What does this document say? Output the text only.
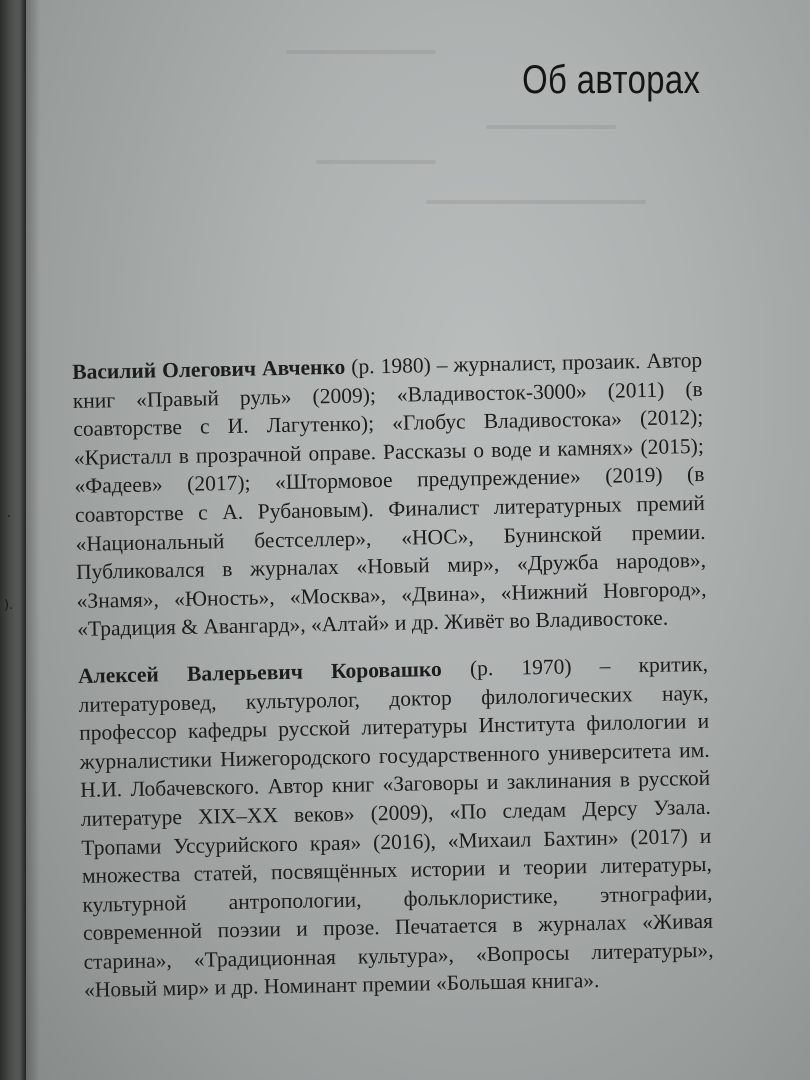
).
Об авторах

Василий Олегович Авченко (р. 1980) – журналист, прозаик. Автор книг «Правый руль» (2009); «Владивосток-3000» (2011) (в соавторстве с И. Лагутенко); «Глобус Владивостока» (2012); «Кристалл в прозрачной оправе. Рассказы о воде и камнях» (2015); «Фадеев» (2017); «Штормовое предупреждение» (2019) (в соавторстве с А. Рубановым). Финалист литературных премий «Национальный бестселлер», «НОС», Бунинской премии. Публиковался в журналах «Новый мир», «Дружба народов», «Знамя», «Юность», «Москва», «Двина», «Нижний Новгород», «Традиция & Авангард», «Алтай» и др. Живёт во Владивостоке.

Алексей Валерьевич Коровашко (р. 1970) – критик, литературовед, культуролог, доктор филологических наук, профессор кафедры русской литературы Института филологии и журналистики Нижегородского государственного университета им. Н.И. Лобачевского. Автор книг «Заговоры и заклинания в русской литературе XIX–XX веков» (2009), «По следам Дерсу Узала. Тропами Уссурийского края» (2016), «Михаил Бахтин» (2017) и множества статей, посвящённых истории и теории литературы, культурной антропологии, фольклористике, этнографии, современной поэзии и прозе. Печатается в журналах «Живая старина», «Традиционная культура», «Вопросы литературы», «Новый мир» и др. Номинант премии «Большая книга».
